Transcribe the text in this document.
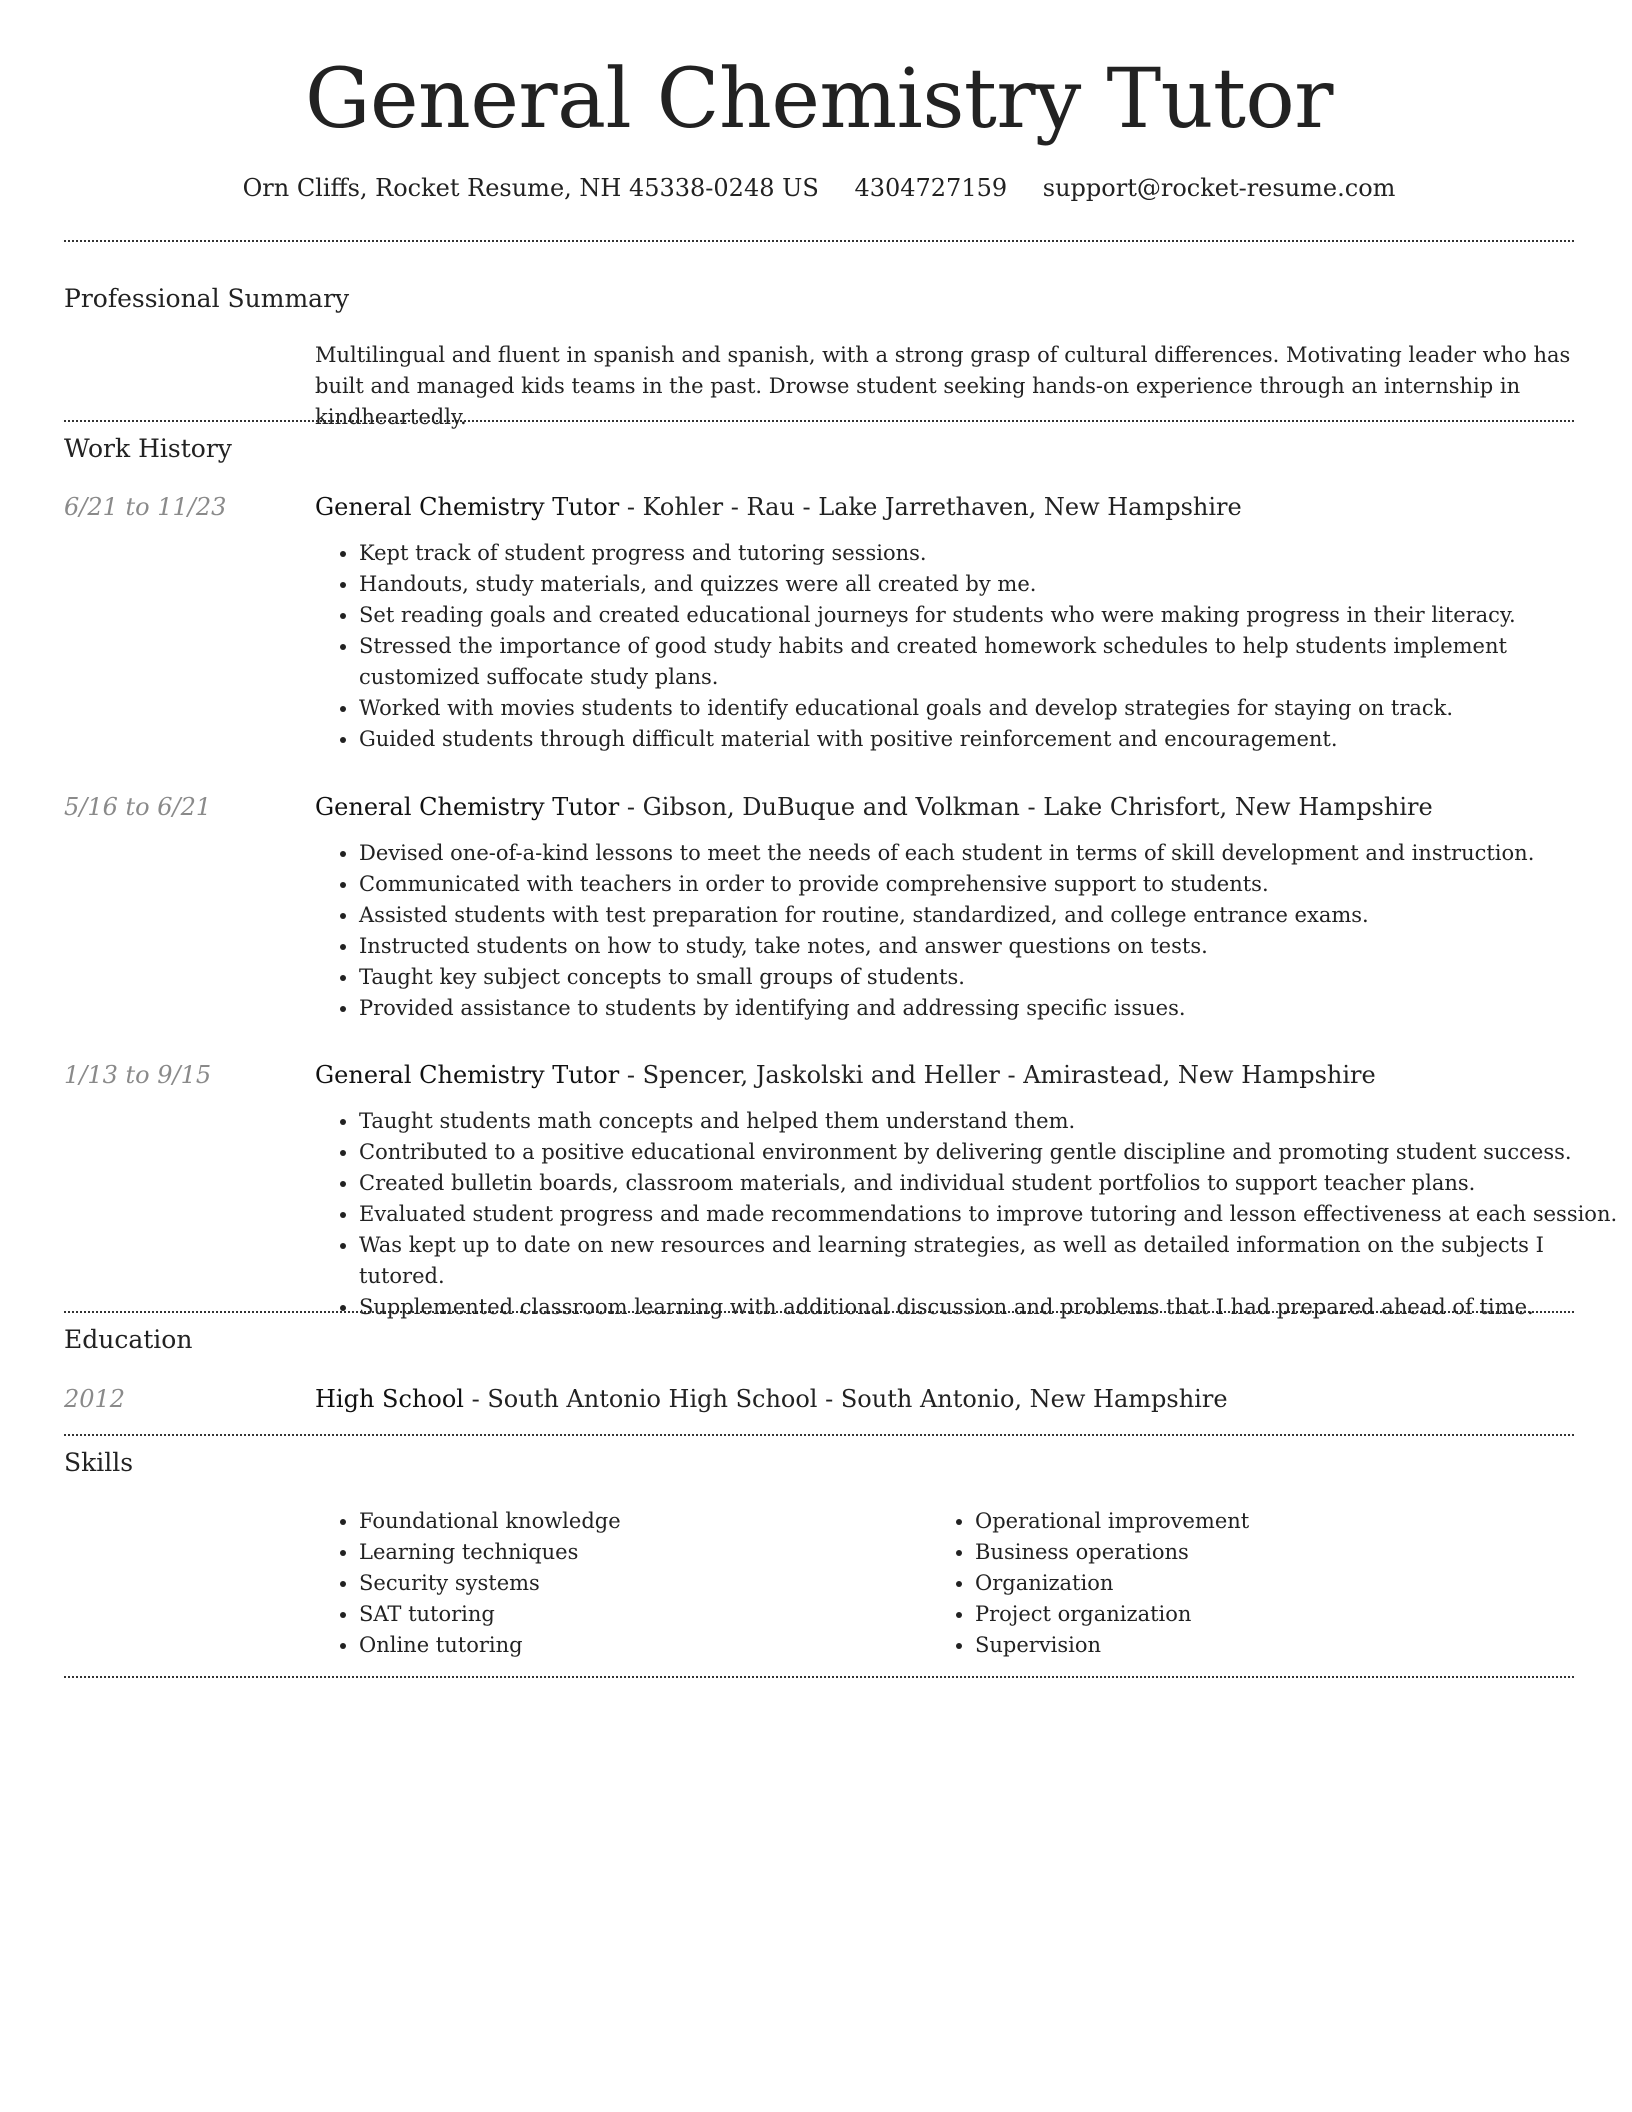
General Chemistry Tutor
Orn Cliffs, Rocket Resume, NH 45338-0248 US 4304727159 support@rocket-resume.com
Professional Summary
Multilingual and fluent in spanish and spanish, with a strong grasp of cultural differences. Motivating leader who has built and managed kids teams in the past. Drowse student seeking hands-on experience through an internship in kindheartedly.
Work History
6/21 to 11/23	General Chemistry Tutor - Kohler - Rau - Lake Jarrethaven, New Hampshire
• Kept track of student progress and tutoring sessions.
• Handouts, study materials, and quizzes were all created by me.
• Set reading goals and created educational journeys for students who were making progress in their literacy.
• Stressed the importance of good study habits and created homework schedules to help students implement customized suffocate study plans.
• Worked with movies students to identify educational goals and develop strategies for staying on track.
• Guided students through difficult material with positive reinforcement and encouragement.
5/16 to 6/21	General Chemistry Tutor - Gibson, DuBuque and Volkman - Lake Chrisfort, New Hampshire
• Devised one-of-a-kind lessons to meet the needs of each student in terms of skill development and instruction.
• Communicated with teachers in order to provide comprehensive support to students.
• Assisted students with test preparation for routine, standardized, and college entrance exams.
• Instructed students on how to study, take notes, and answer questions on tests.
• Taught key subject concepts to small groups of students.
• Provided assistance to students by identifying and addressing specific issues.
1/13 to 9/15	General Chemistry Tutor - Spencer, Jaskolski and Heller - Amirastead, New Hampshire
• Taught students math concepts and helped them understand them.
• Contributed to a positive educational environment by delivering gentle discipline and promoting student success.
• Created bulletin boards, classroom materials, and individual student portfolios to support teacher plans.
• Evaluated student progress and made recommendations to improve tutoring and lesson effectiveness at each session.
• Was kept up to date on new resources and learning strategies, as well as detailed information on the subjects I tutored.
• Supplemented classroom learning with additional discussion and problems that I had prepared ahead of time.
Education
2012	High School - South Antonio High School - South Antonio, New Hampshire
Skills
• Foundational knowledge
• Learning techniques
• Security systems
• SAT tutoring
• Online tutoring
• Operational improvement
• Business operations
• Organization
• Project organization
• Supervision
